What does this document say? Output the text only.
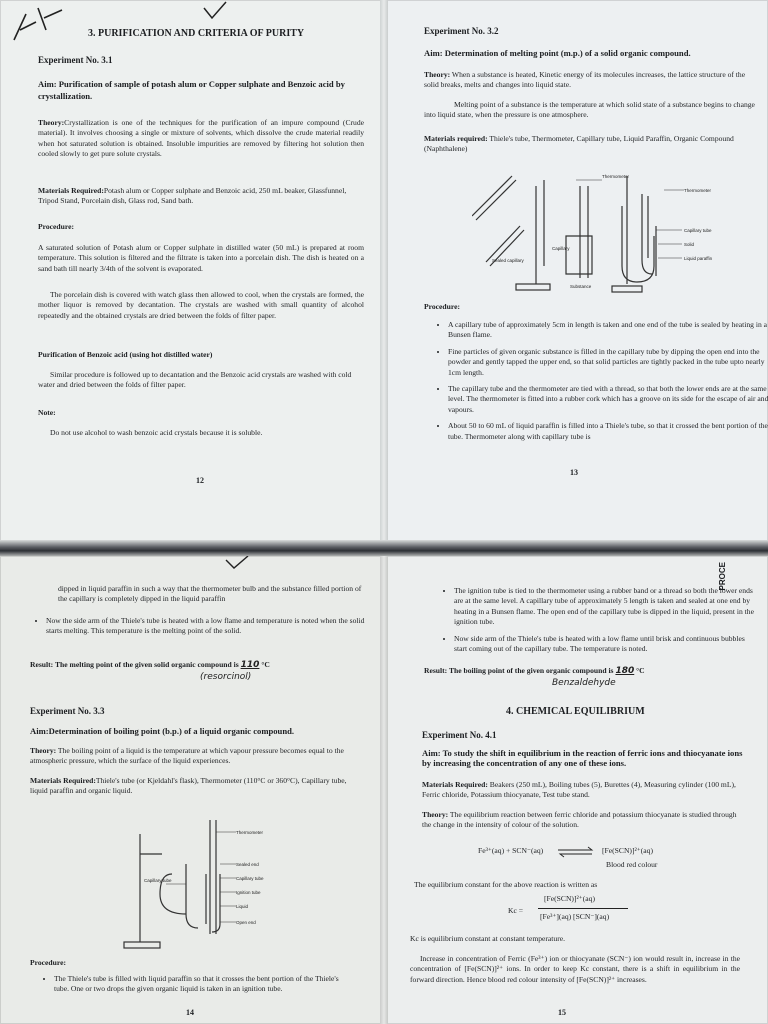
3. PURIFICATION AND CRITERIA OF PURITY
Experiment No. 3.1
Aim: Purification of sample of potash alum or Copper sulphate and Benzoic acid by crystallization.
Theory:Crystallization is one of the techniques for the purification of an impure compound (Crude material). It involves choosing a single or mixture of solvents, which dissolve the crude material readily when hot saturated solution is obtained. Insoluble impurities are removed by filtering hot solution then cooled slowly to get pure solute crystals.
Materials Required:Potash alum or Copper sulphate and Benzoic acid, 250 mL beaker, Glassfunnel, Tripod Stand, Porcelain dish, Glass rod, Sand bath.
Procedure:
A saturated solution of Potash alum or Copper sulphate in distilled water (50 mL) is prepared at room temperature. This solution is filtered and the filtrate is taken into a porcelain dish. The dish is heated on a sand bath till nearly 3/4th of the solvent is evaporated.
The porcelain dish is covered with watch glass then allowed to cool, when the crystals are formed, the mother liquor is removed by decantation. The crystals are washed with small quantity of alcohol repeatedly and the obtained crystals are dried between the folds of filter paper.
Purification of Benzoic acid (using hot distilled water)
Similar procedure is followed up to decantation and the Benzoic acid crystals are washed with cold water and dried between the folds of filter paper.
Note:
Do not use alcohol to wash benzoic acid crystals because it is soluble.
12
Experiment No. 3.2
Aim: Determination of melting point (m.p.) of a solid organic compound.
Theory: When a substance is heated, Kinetic energy of its molecules increases, the lattice structure of the solid breaks, melts and changes into liquid state.
Melting point of a substance is the temperature at which solid state of a substance begins to change into liquid state, when the pressure is one atmosphere.
Materials required: Thiele's tube, Thermometer, Capillary tube, Liquid Paraffin, Organic Compound (Naphthalene)
Thermometer
Sealed capillary
Capillary
Substance
Thermometer
Capillary tube
Solid
Liquid paraffin
Procedure:
• A capillary tube of approximately 5cm in length is taken and one end of the tube is sealed by heating in a Bunsen flame.
• Fine particles of given organic substance is filled in the capillary tube by dipping the open end into the powder and gently tapped the upper end, so that solid particles are tightly packed in the tube upto nearly 1cm length.
• The capillary tube and the thermometer are tied with a thread, so that both the lower ends are at the same level. The thermometer is fitted into a rubber cork which has a groove on its side for the escape of air and vapours.
• About 50 to 60 mL of liquid paraffin is filled into a Thiele's tube, so that it crossed the bent portion of the tube. Thermometer along with capillary tube is
13
dipped in liquid paraffin in such a way that the thermometer bulb and the substance filled portion of the capillary is completely dipped in the liquid paraffin
• Now the side arm of the Thiele's tube is heated with a low flame and temperature is noted when the solid starts melting. This temperature is the melting point of the solid.
Result: The melting point of the given solid organic compound is 110 °C
(resorcinol)
Experiment No. 3.3
Aim:Determination of boiling point (b.p.) of a liquid organic compound.
Theory: The boiling point of a liquid is the temperature at which vapour pressure becomes equal to the atmospheric pressure, which the surface of the liquid experiences.
Materials Required:Thiele's tube (or Kjeldahl's flask), Thermometer (110°C or 360°C), Capillary tube, liquid paraffin and organic liquid.
Thermometer
Sealed end
Capillary tube
Ignition tube
Capillary tube
Liquid
Open end
Procedure:
• The Thiele's tube is filled with liquid paraffin so that it crosses the bent portion of the Thiele's tube. One or two drops the given organic liquid is taken in an ignition tube.
14
PROCE
• The ignition tube is tied to the thermometer using a rubber band or a thread so both the lower ends are at the same level. A capillary tube of approximately 5 length is taken and sealed at one end by heating in a Bunsen flame. The open end of the capillary tube is dipped in the liquid, present in the ignition tube.
• Now side arm of the Thiele's tube is heated with a low flame until brisk and continuous bubbles start coming out of the capillary tube. The temperature is noted.
Result: The boiling point of the given organic compound is 180 °C
Benzaldehyde
4. CHEMICAL EQUILIBRIUM
Experiment No. 4.1
Aim: To study the shift in equilibrium in the reaction of ferric ions and thiocyanate ions by increasing the concentration of any one of these ions.
Materials Required: Beakers (250 mL), Boiling tubes (5), Burettes (4), Measuring cylinder (100 mL), Ferric chloride, Potassium thiocyanate, Test tube stand.
Theory: The equilibrium reaction between ferric chloride and potassium thiocyanate is studied through the change in the intensity of colour of the solution.
Fe³⁺(aq) + SCN⁻(aq) ⇌ [Fe(SCN)]²⁺(aq)
Blood red colour
The equilibrium constant for the above reaction is written as
Kc =
[Fe(SCN)]²⁺(aq)
[Fe³⁺](aq) [SCN⁻](aq)
Kc is equilibrium constant at constant temperature.
Increase in concentration of Ferric (Fe³⁺) ion or thiocyanate (SCN⁻) ion would result in, increase in the concentration of [Fe(SCN)]²⁺ ions. In order to keep Kc constant, there is a shift in equilibrium in the forward direction. Hence blood red colour intensity of [Fe(SCN)]²⁺ increases.
15
